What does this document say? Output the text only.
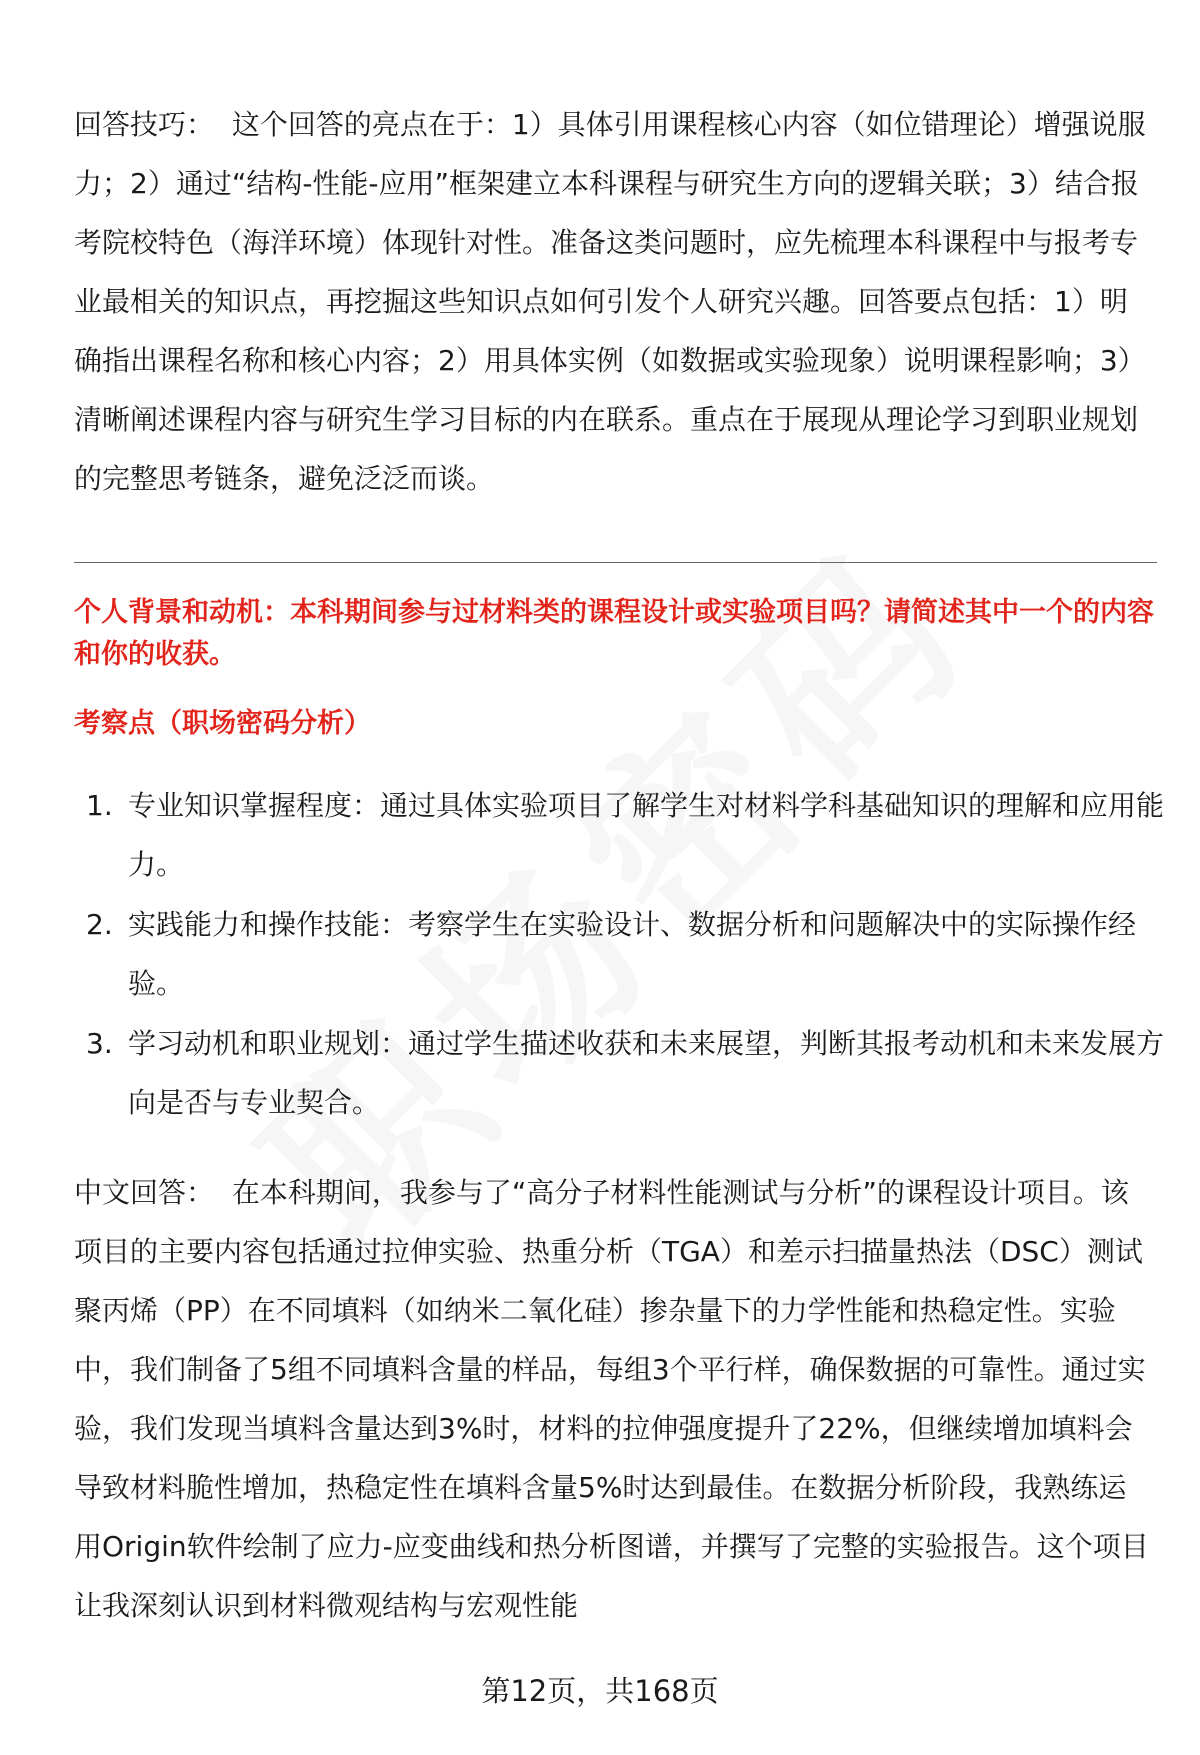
回答技巧： 这个回答的亮点在于：1）具体引用课程核心内容（如位错理论）增强说服力；2）通过“结构-性能-应用”框架建立本科课程与研究生方向的逻辑关联；3）结合报考院校特色（海洋环境）体现针对性。准备这类问题时，应先梳理本科课程中与报考专业最相关的知识点，再挖掘这些知识点如何引发个人研究兴趣。回答要点包括：1）明确指出课程名称和核心内容；2）用具体实例（如数据或实验现象）说明课程影响；3）清晰阐述课程内容与研究生学习目标的内在联系。重点在于展现从理论学习到职业规划的完整思考链条，避免泛泛而谈。

个人背景和动机：本科期间参与过材料类的课程设计或实验项目吗？请简述其中一个的内容和你的收获。

考察点（职场密码分析）

1. 专业知识掌握程度：通过具体实验项目了解学生对材料学科基础知识的理解和应用能力。
2. 实践能力和操作技能：考察学生在实验设计、数据分析和问题解决中的实际操作经验。
3. 学习动机和职业规划：通过学生描述收获和未来展望，判断其报考动机和未来发展方向是否与专业契合。

中文回答： 在本科期间，我参与了“高分子材料性能测试与分析”的课程设计项目。该项目的主要内容包括通过拉伸实验、热重分析（TGA）和差示扫描量热法（DSC）测试聚丙烯（PP）在不同填料（如纳米二氧化硅）掺杂量下的力学性能和热稳定性。实验中，我们制备了5组不同填料含量的样品，每组3个平行样，确保数据的可靠性。通过实验，我们发现当填料含量达到3%时，材料的拉伸强度提升了22%，但继续增加填料会导致材料脆性增加，热稳定性在填料含量5%时达到最佳。在数据分析阶段，我熟练运用Origin软件绘制了应力-应变曲线和热分析图谱，并撰写了完整的实验报告。这个项目让我深刻认识到材料微观结构与宏观性能

第12页，共168页
